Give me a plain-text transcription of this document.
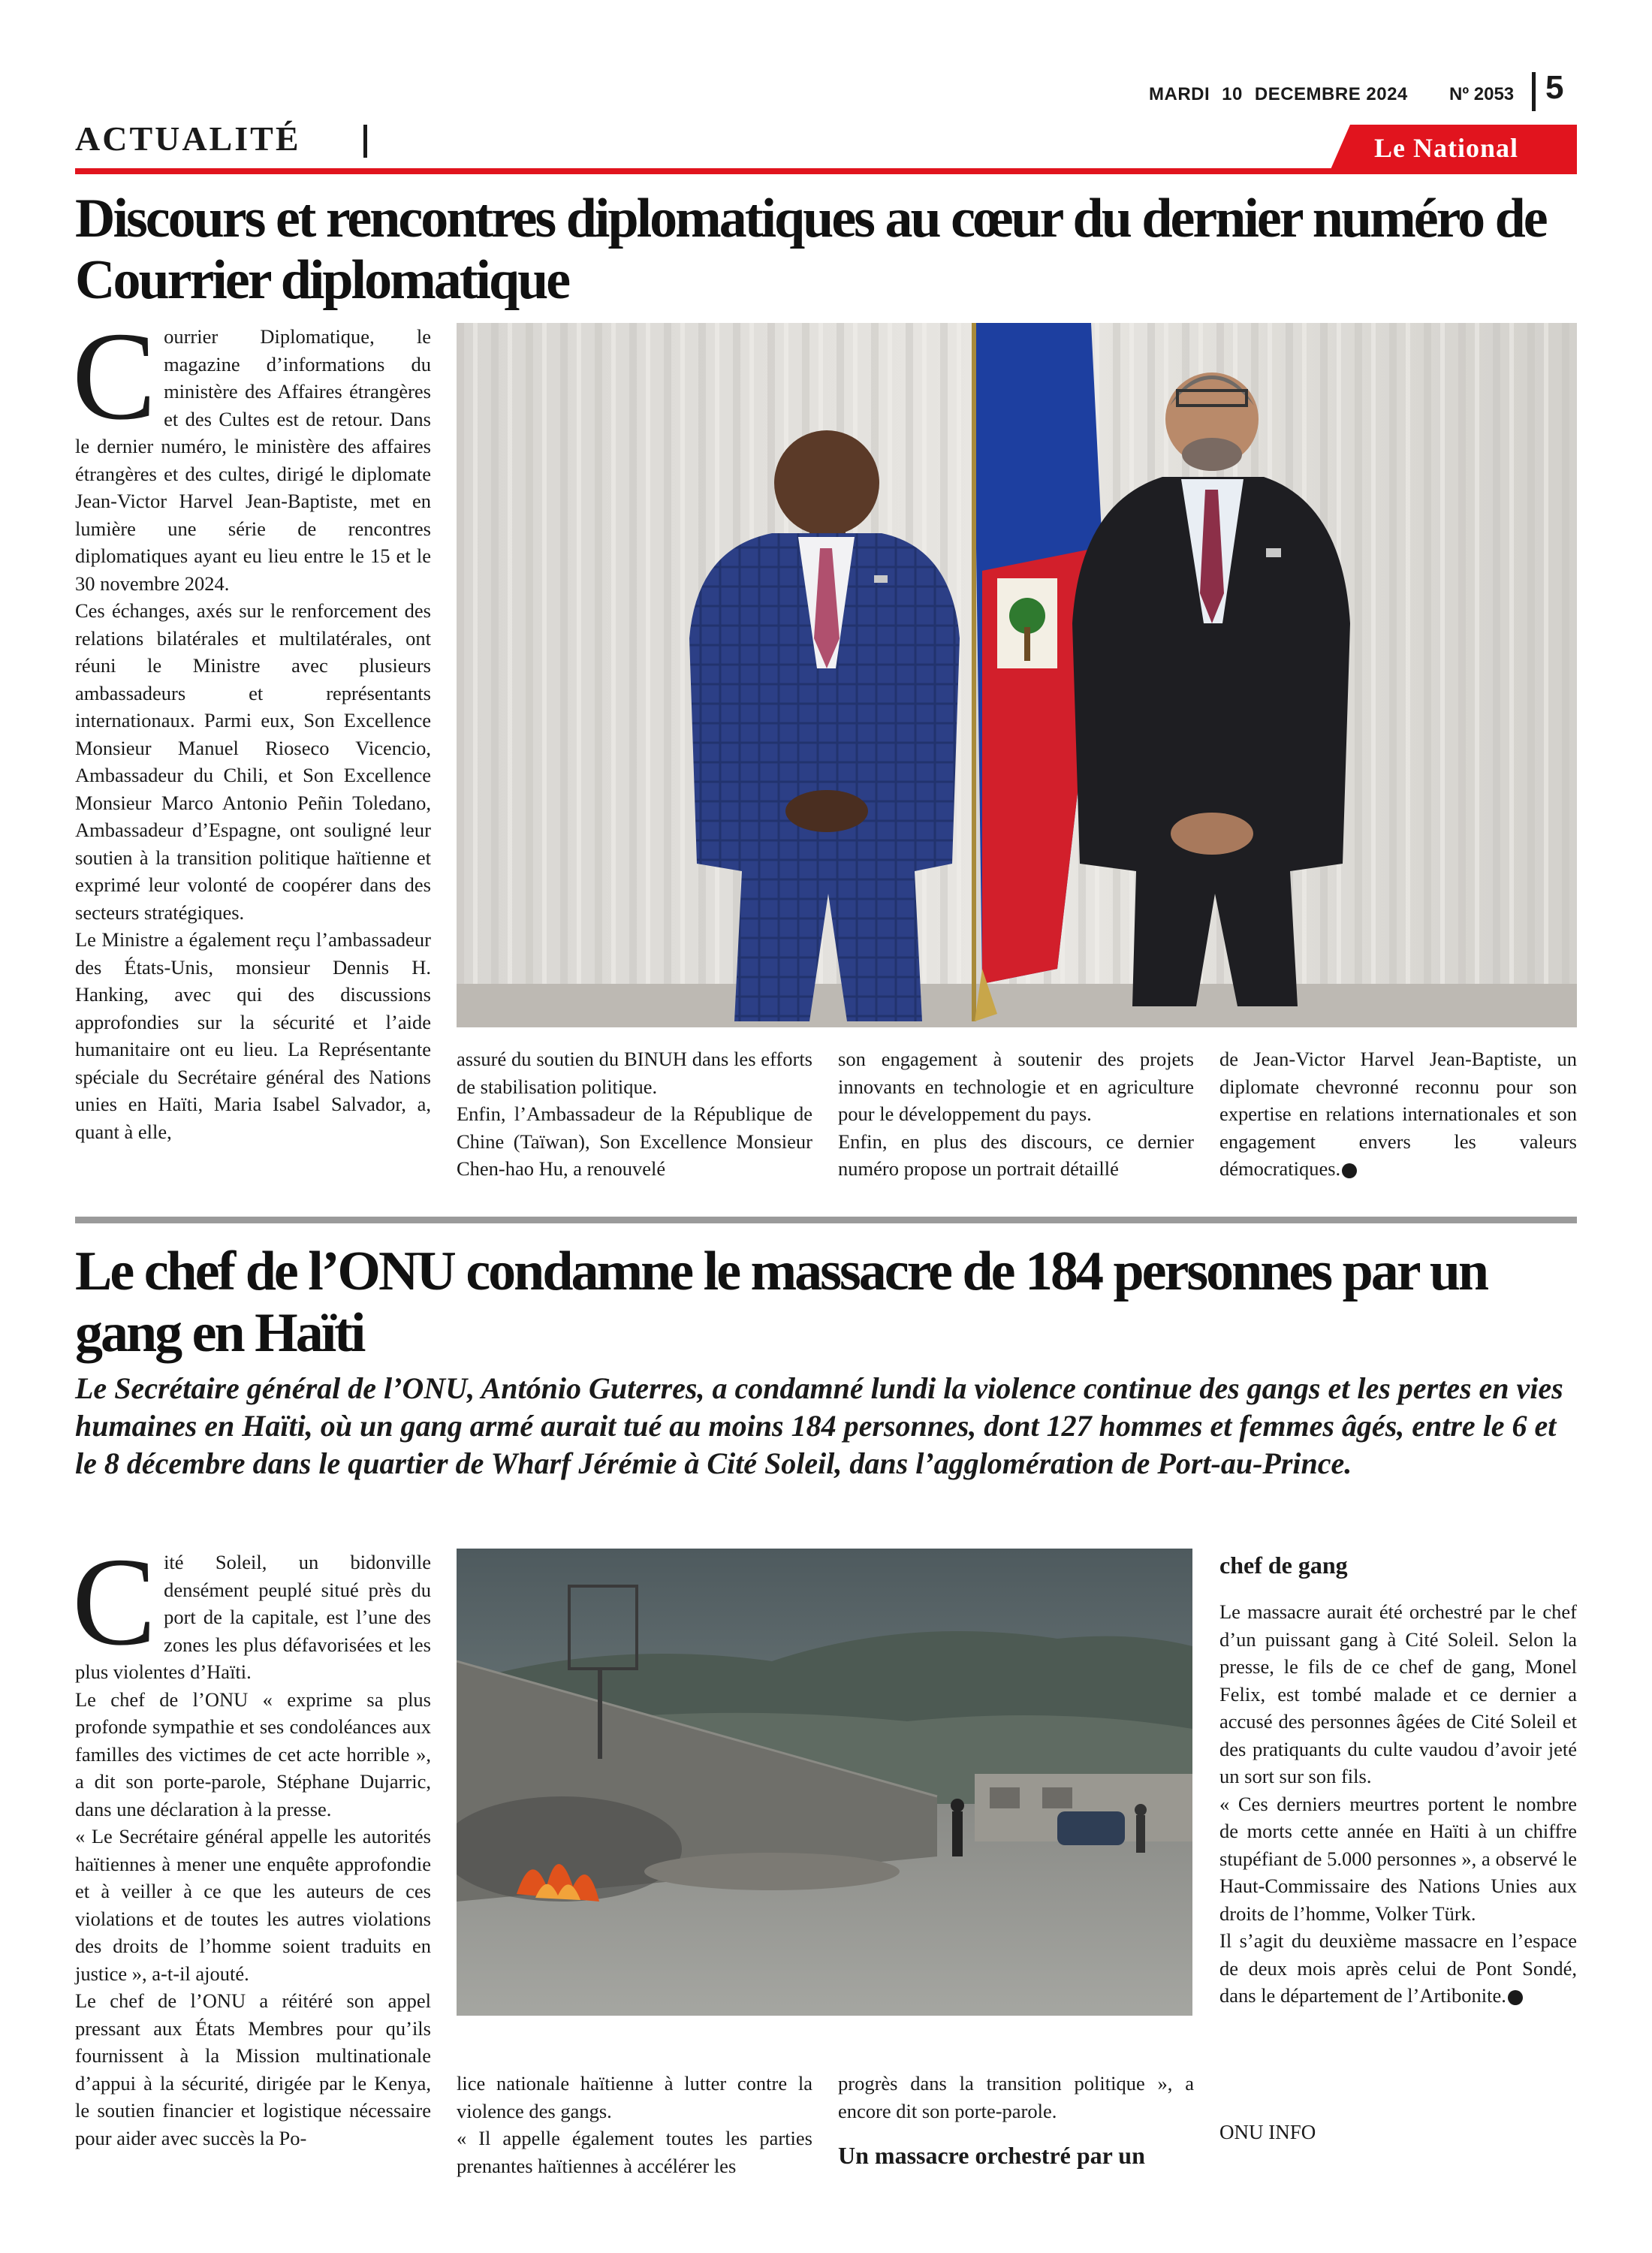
MARDI 10 DECEMBRE 2024	Nº 2053 5
ACTUALITÉ	Le National
Discours et rencontres diplomatiques au cœur du dernier numéro de Courrier diplomatique

Courrier Diplomatique, le magazine d’informations du ministère des Affaires étrangères et des Cultes est de retour. Dans le dernier numéro, le ministère des affaires étrangères et des cultes, dirigé le diplomate Jean-Victor Harvel Jean-Baptiste, met en lumière une série de rencontres diplomatiques ayant eu lieu entre le 15 et le 30 novembre 2024.

Ces échanges, axés sur le renforcement des relations bilatérales et multilatérales, ont réuni le Ministre avec plusieurs ambassadeurs et représentants internationaux. Parmi eux, Son Excellence Monsieur Manuel Rioseco Vicencio, Ambassadeur du Chili, et Son Excellence Monsieur Marco Antonio Peñin Toledano, Ambassadeur d’Espagne, ont souligné leur soutien à la transition politique haïtienne et exprimé leur volonté de coopérer dans des secteurs stratégiques.

Le Ministre a également reçu l’ambassadeur des États-Unis, monsieur Dennis H. Hanking, avec qui des discussions approfondies sur la sécurité et l’aide humanitaire ont eu lieu. La Représentante spéciale du Secrétaire général des Nations unies en Haïti, Maria Isabel Salvador, a, quant à elle,

assuré du soutien du BINUH dans les efforts de stabilisation politique.

Enfin, l’Ambassadeur de la République de Chine (Taïwan), Son Excellence Monsieur Chen-hao Hu, a renouvelé

son engagement à soutenir des projets innovants en technologie et en agriculture pour le développement du pays.

Enfin, en plus des discours, ce dernier numéro propose un portrait détaillé

de Jean-Victor Harvel Jean-Baptiste, un diplomate chevronné reconnu pour son expertise en relations internationales et son engagement envers les valeurs démocratiques.

Le chef de l’ONU condamne le massacre de 184 personnes par un gang en Haïti
Le Secrétaire général de l’ONU, António Guterres, a condamné lundi la violence continue des gangs et les pertes en vies humaines en Haïti, où un gang armé aurait tué au moins 184 personnes, dont 127 hommes et femmes âgés, entre le 6 et le 8 décembre dans le quartier de Wharf Jérémie à Cité Soleil, dans l’agglomération de Port-au-Prince.

Cité Soleil, un bidonville densément peuplé situé près du port de la capitale, est l’une des zones les plus défavorisées et les plus violentes d’Haïti.

Le chef de l’ONU « exprime sa plus profonde sympathie et ses condoléances aux familles des victimes de cet acte horrible », a dit son porte-parole, Stéphane Dujarric, dans une déclaration à la presse.

« Le Secrétaire général appelle les autorités haïtiennes à mener une enquête approfondie et à veiller à ce que les auteurs de ces violations et de toutes les autres violations des droits de l’homme soient traduits en justice », a-t-il ajouté.

Le chef de l’ONU a réitéré son appel pressant aux États Membres pour qu’ils fournissent à la Mission multinationale d’appui à la sécurité, dirigée par le Kenya, le soutien financier et logistique nécessaire pour aider avec succès la Po-

lice nationale haïtienne à lutter contre la violence des gangs.

« Il appelle également toutes les parties prenantes haïtiennes à accélérer les

progrès dans la transition politique », a encore dit son porte-parole.

Un massacre orchestré par un
chef de gang

Le massacre aurait été orchestré par le chef d’un puissant gang à Cité Soleil. Selon la presse, le fils de ce chef de gang, Monel Felix, est tombé malade et ce dernier a accusé des personnes âgées de Cité Soleil et des pratiquants du culte vaudou d’avoir jeté un sort sur son fils.

« Ces derniers meurtres portent le nombre de morts cette année en Haïti à un chiffre stupéfiant de 5.000 personnes », a observé le Haut-Commissaire des Nations Unies aux droits de l’homme, Volker Türk.

Il s’agit du deuxième massacre en l’espace de deux mois après celui de Pont Sondé, dans le département de l’Artibonite.

ONU INFO
